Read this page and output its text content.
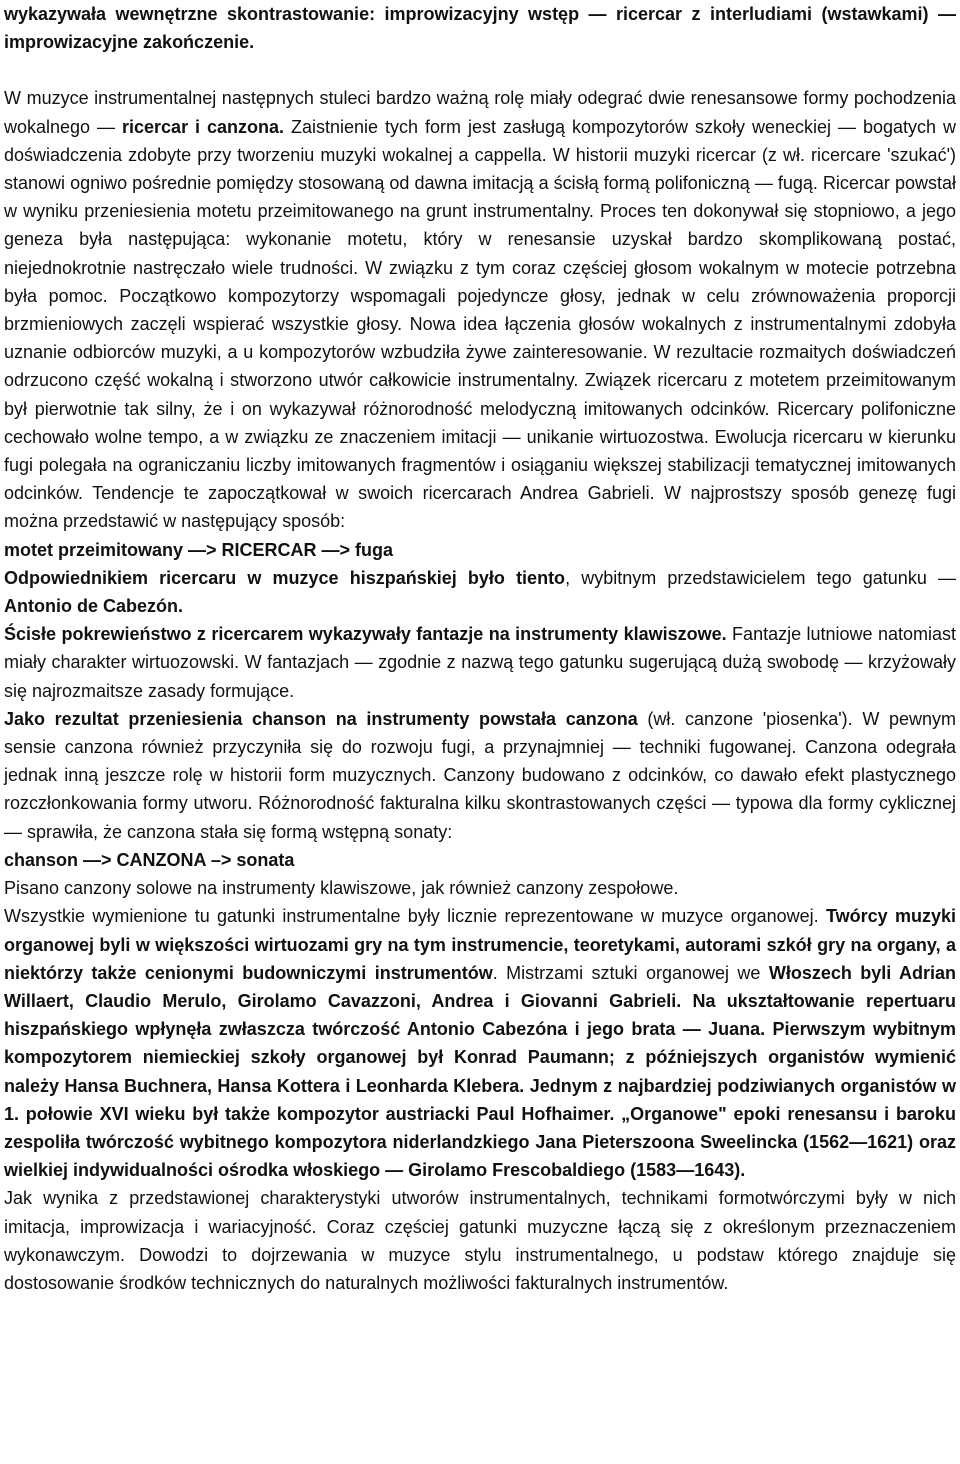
wykazywała wewnętrzne skontrastowanie: improwizacyjny wstęp — ricercar z interludiami (wstawkami) — improwizacyjne zakończenie.

W muzyce instrumentalnej następnych stuleci bardzo ważną rolę miały odegrać dwie renesansowe formy pochodzenia wokalnego — ricercar i canzona. Zaistnienie tych form jest zasługą kompozytorów szkoły weneckiej — bogatych w doświadczenia zdobyte przy tworzeniu muzyki wokalnej a cappella. W historii muzyki ricercar (z wł. ricercare 'szukać') stanowi ogniwo pośrednie pomiędzy stosowaną od dawna imitacją a ścisłą formą polifoniczną — fugą. Ricercar powstał w wyniku przeniesienia motetu przeimitowanego na grunt instrumentalny. Proces ten dokonywał się stopniowo, a jego geneza była następująca: wykonanie motetu, który w renesansie uzyskał bardzo skomplikowaną postać, niejednokrotnie nastręczało wiele trudności. W związku z tym coraz częściej głosom wokalnym w motecie potrzebna była pomoc. Początkowo kompozytorzy wspomagali pojedyncze głosy, jednak w celu zrównoważenia proporcji brzmieniowych zaczęli wspierać wszystkie głosy. Nowa idea łączenia głosów wokalnych z instrumentalnymi zdobyła uznanie odbiorców muzyki, a u kompozytorów wzbudziła żywe zainteresowanie. W rezultacie rozmaitych doświadczeń odrzucono część wokalną i stworzono utwór całkowicie instrumentalny. Związek ricercaru z motetem przeimitowanym był pierwotnie tak silny, że i on wykazywał różnorodność melodyczną imitowanych odcinków. Ricercary polifoniczne cechowało wolne tempo, a w związku ze znaczeniem imitacji — unikanie wirtuozostwa. Ewolucja ricercaru w kierunku fugi polegała na ograniczaniu liczby imitowanych fragmentów i osiąganiu większej stabilizacji tematycznej imitowanych odcinków. Tendencje te zapoczątkował w swoich ricercarach Andrea Gabrieli. W najprostszy sposób genezę fugi można przedstawić w następujący sposób:

motet przeimitowany —> RICERCAR —> fuga

Odpowiednikiem ricercaru w muzyce hiszpańskiej było tiento, wybitnym przedstawicielem tego gatunku — Antonio de Cabezón.

Ścisłe pokrewieństwo z ricercarem wykazywały fantazje na instrumenty klawiszowe. Fantazje lutniowe natomiast miały charakter wirtuozowski. W fantazjach — zgodnie z nazwą tego gatunku sugerującą dużą swobodę — krzyżowały się najrozmaitsze zasady formujące.

Jako rezultat przeniesienia chanson na instrumenty powstała canzona (wł. canzone 'piosenka'). W pewnym sensie canzona również przyczyniła się do rozwoju fugi, a przynajmniej — techniki fugowanej. Canzona odegrała jednak inną jeszcze rolę w historii form muzycznych. Canzony budowano z odcinków, co dawało efekt plastycznego rozczłonkowania formy utworu. Różnorodność fakturalna kilku skontrastowanych części — typowa dla formy cyklicznej — sprawiła, że canzona stała się formą wstępną sonaty:

chanson —> CANZONA –> sonata

Pisano canzony solowe na instrumenty klawiszowe, jak również canzony zespołowe.

Wszystkie wymienione tu gatunki instrumentalne były licznie reprezentowane w muzyce organowej. Twórcy muzyki organowej byli w większości wirtuozami gry na tym instrumencie, teoretykami, autorami szkół gry na organy, a niektórzy także cenionymi budowniczymi instrumentów. Mistrzami sztuki organowej we Włoszech byli Adrian Willaert, Claudio Merulo, Girolamo Cavazzoni, Andrea i Giovanni Gabrieli. Na ukształtowanie repertuaru hiszpańskiego wpłynęła zwłaszcza twórczość Antonio Cabezóna i jego brata — Juana. Pierwszym wybitnym kompozytorem niemieckiej szkoły organowej był Konrad Paumann; z późniejszych organistów wymienić należy Hansa Buchnera, Hansa Kottera i Leonharda Klebera. Jednym z najbardziej podziwianych organistów w 1. połowie XVI wieku był także kompozytor austriacki Paul Hofhaimer. „Organowe" epoki renesansu i baroku zespoliła twórczość wybitnego kompozytora niderlandzkiego Jana Pieterszoona Sweelincka (1562—1621) oraz wielkiej indywidualności ośrodka włoskiego — Girolamo Frescobaldiego (1583—1643).

Jak wynika z przedstawionej charakterystyki utworów instrumentalnych, technikami formotwórczymi były w nich imitacja, improwizacja i wariacyjność. Coraz częściej gatunki muzyczne łączą się z określonym przeznaczeniem wykonawczym. Dowodzi to dojrzewania w muzyce stylu instrumentalnego, u podstaw którego znajduje się dostosowanie środków technicznych do naturalnych możliwości fakturalnych instrumentów.
